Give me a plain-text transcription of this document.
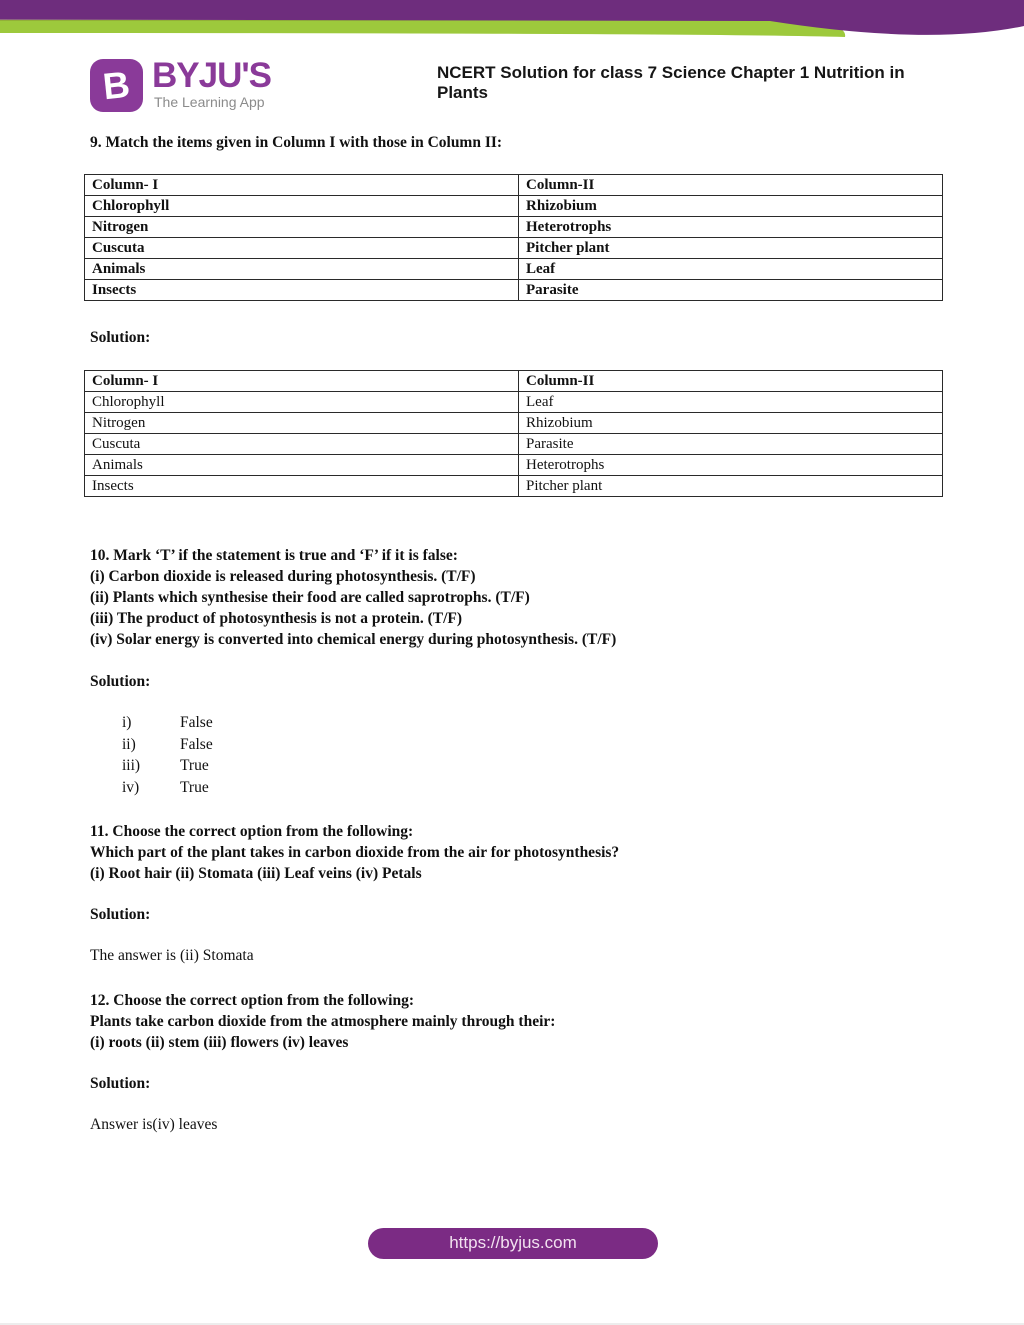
B BYJU'S
The Learning App
NCERT Solution for class 7 Science Chapter 1 Nutrition in Plants
9. Match the items given in Column I with those in Column II:
Column- I	Column-II
Chlorophyll	Rhizobium
Nitrogen	Heterotrophs
Cuscuta	Pitcher plant
Animals	Leaf
Insects	Parasite
Solution:
Column- I	Column-II
Chlorophyll	Leaf
Nitrogen	Rhizobium
Cuscuta	Parasite
Animals	Heterotrophs
Insects	Pitcher plant
10. Mark ‘T’ if the statement is true and ‘F’ if it is false:
(i) Carbon dioxide is released during photosynthesis. (T/F)
(ii) Plants which synthesise their food are called saprotrophs. (T/F)
(iii) The product of photosynthesis is not a protein. (T/F)
(iv) Solar energy is converted into chemical energy during photosynthesis. (T/F)
Solution:
i)	False
ii)	False
iii)	True
iv)	True
11. Choose the correct option from the following:
Which part of the plant takes in carbon dioxide from the air for photosynthesis?
(i) Root hair (ii) Stomata (iii) Leaf veins (iv) Petals
Solution:
The answer is (ii) Stomata
12. Choose the correct option from the following:
Plants take carbon dioxide from the atmosphere mainly through their:
(i) roots (ii) stem (iii) flowers (iv) leaves
Solution:
Answer is(iv) leaves
https://byjus.com
